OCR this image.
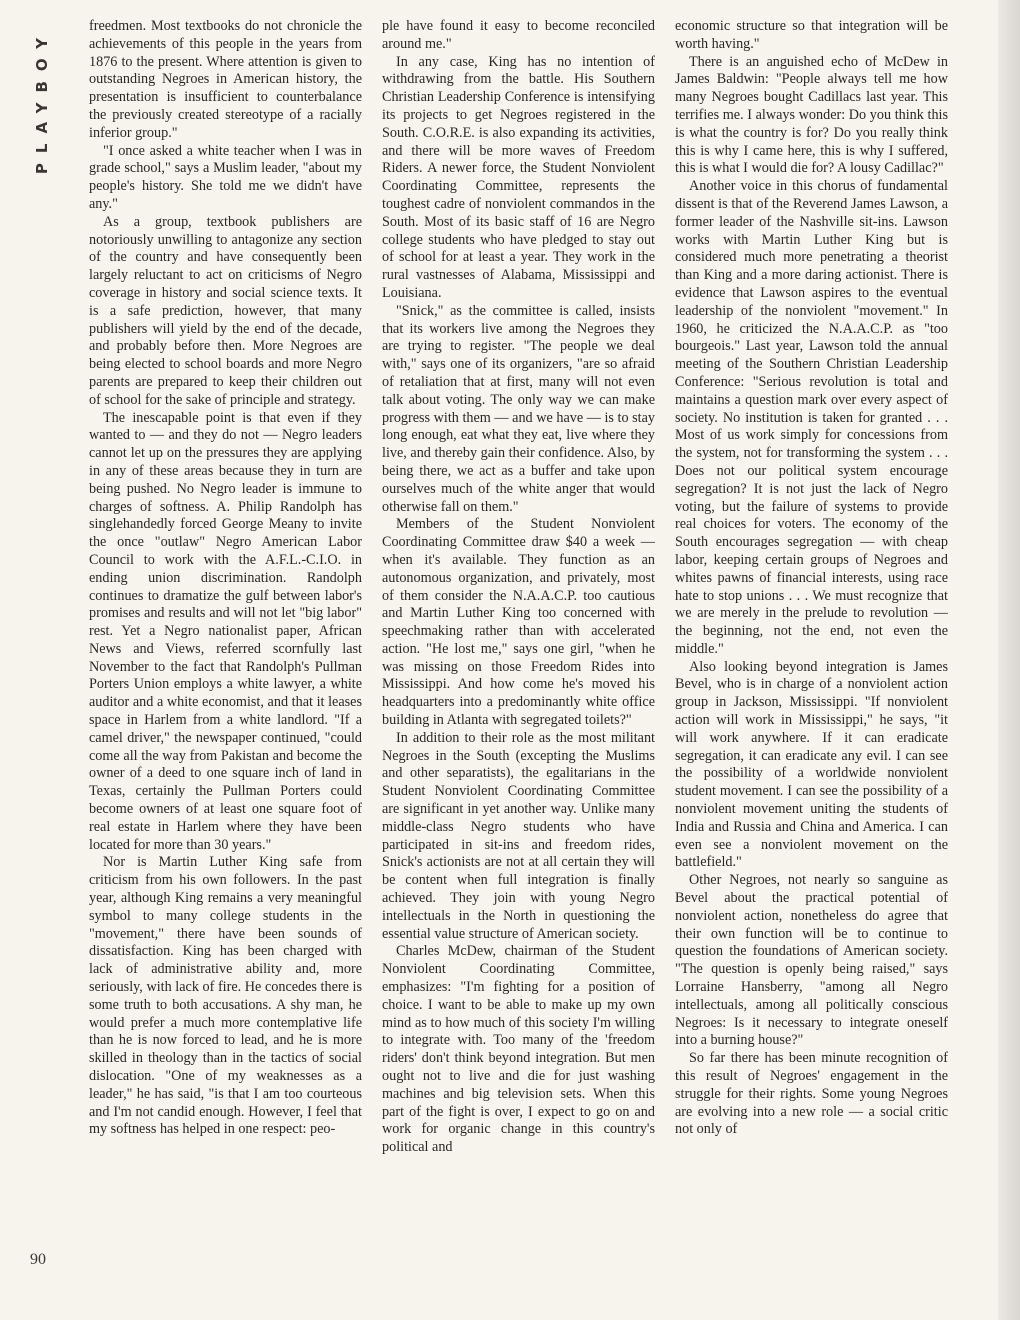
PLAYBOY
90

freedmen. Most textbooks do not chronicle the achievements of this people in the years from 1876 to the present. Where attention is given to outstanding Negroes in American history, the presentation is insufficient to counterbalance the previously created stereotype of a racially inferior group."

"I once asked a white teacher when I was in grade school," says a Muslim leader, "about my people's history. She told me we didn't have any."

As a group, textbook publishers are notoriously unwilling to antagonize any section of the country and have consequently been largely reluctant to act on criticisms of Negro coverage in history and social science texts. It is a safe prediction, however, that many publishers will yield by the end of the decade, and probably before then. More Negroes are being elected to school boards and more Negro parents are prepared to keep their children out of school for the sake of principle and strategy.

The inescapable point is that even if they wanted to — and they do not — Negro leaders cannot let up on the pressures they are applying in any of these areas because they in turn are being pushed. No Negro leader is immune to charges of softness. A. Philip Randolph has singlehandedly forced George Meany to invite the once "outlaw" Negro American Labor Council to work with the A.F.L.-C.I.O. in ending union discrimination. Randolph continues to dramatize the gulf between labor's promises and results and will not let "big labor" rest. Yet a Negro nationalist paper, African News and Views, referred scornfully last November to the fact that Randolph's Pullman Porters Union employs a white lawyer, a white auditor and a white economist, and that it leases space in Harlem from a white landlord. "If a camel driver," the newspaper continued, "could come all the way from Pakistan and become the owner of a deed to one square inch of land in Texas, certainly the Pullman Porters could become owners of at least one square foot of real estate in Harlem where they have been located for more than 30 years."

Nor is Martin Luther King safe from criticism from his own followers. In the past year, although King remains a very meaningful symbol to many college students in the "movement," there have been sounds of dissatisfaction. King has been charged with lack of administrative ability and, more seriously, with lack of fire. He concedes there is some truth to both accusations. A shy man, he would prefer a much more contemplative life than he is now forced to lead, and he is more skilled in theology than in the tactics of social dislocation. "One of my weaknesses as a leader," he has said, "is that I am too courteous and I'm not candid enough. However, I feel that my softness has helped in one respect: peo-

ple have found it easy to become reconciled around me."

In any case, King has no intention of withdrawing from the battle. His Southern Christian Leadership Conference is intensifying its projects to get Negroes registered in the South. C.O.R.E. is also expanding its activities, and there will be more waves of Freedom Riders. A newer force, the Student Nonviolent Coordinating Committee, represents the toughest cadre of nonviolent commandos in the South. Most of its basic staff of 16 are Negro college students who have pledged to stay out of school for at least a year. They work in the rural vastnesses of Alabama, Mississippi and Louisiana.

"Snick," as the committee is called, insists that its workers live among the Negroes they are trying to register. "The people we deal with," says one of its organizers, "are so afraid of retaliation that at first, many will not even talk about voting. The only way we can make progress with them — and we have — is to stay long enough, eat what they eat, live where they live, and thereby gain their confidence. Also, by being there, we act as a buffer and take upon ourselves much of the white anger that would otherwise fall on them."

Members of the Student Nonviolent Coordinating Committee draw $40 a week — when it's available. They function as an autonomous organization, and privately, most of them consider the N.A.A.C.P. too cautious and Martin Luther King too concerned with speechmaking rather than with accelerated action. "He lost me," says one girl, "when he was missing on those Freedom Rides into Mississippi. And how come he's moved his headquarters into a predominantly white office building in Atlanta with segregated toilets?"

In addition to their role as the most militant Negroes in the South (excepting the Muslims and other separatists), the egalitarians in the Student Nonviolent Coordinating Committee are significant in yet another way. Unlike many middle-class Negro students who have participated in sit-ins and freedom rides, Snick's actionists are not at all certain they will be content when full integration is finally achieved. They join with young Negro intellectuals in the North in questioning the essential value structure of American society.

Charles McDew, chairman of the Student Nonviolent Coordinating Committee, emphasizes: "I'm fighting for a position of choice. I want to be able to make up my own mind as to how much of this society I'm willing to integrate with. Too many of the 'freedom riders' don't think beyond integration. But men ought not to live and die for just washing machines and big television sets. When this part of the fight is over, I expect to go on and work for organic change in this country's political and

economic structure so that integration will be worth having."

There is an anguished echo of McDew in James Baldwin: "People always tell me how many Negroes bought Cadillacs last year. This terrifies me. I always wonder: Do you think this is what the country is for? Do you really think this is why I came here, this is why I suffered, this is what I would die for? A lousy Cadillac?"

Another voice in this chorus of fundamental dissent is that of the Reverend James Lawson, a former leader of the Nashville sit-ins. Lawson works with Martin Luther King but is considered much more penetrating a theorist than King and a more daring actionist. There is evidence that Lawson aspires to the eventual leadership of the nonviolent "movement." In 1960, he criticized the N.A.A.C.P. as "too bourgeois." Last year, Lawson told the annual meeting of the Southern Christian Leadership Conference: "Serious revolution is total and maintains a question mark over every aspect of society. No institution is taken for granted . . . Most of us work simply for concessions from the system, not for transforming the system . . . Does not our political system encourage segregation? It is not just the lack of Negro voting, but the failure of systems to provide real choices for voters. The economy of the South encourages segregation — with cheap labor, keeping certain groups of Negroes and whites pawns of financial interests, using race hate to stop unions . . . We must recognize that we are merely in the prelude to revolution — the beginning, not the end, not even the middle."

Also looking beyond integration is James Bevel, who is in charge of a nonviolent action group in Jackson, Mississippi. "If nonviolent action will work in Mississippi," he says, "it will work anywhere. If it can eradicate segregation, it can eradicate any evil. I can see the possibility of a worldwide nonviolent student movement. I can see the possibility of a nonviolent movement uniting the students of India and Russia and China and America. I can even see a nonviolent movement on the battlefield."

Other Negroes, not nearly so sanguine as Bevel about the practical potential of nonviolent action, nonetheless do agree that their own function will be to continue to question the foundations of American society. "The question is openly being raised," says Lorraine Hansberry, "among all Negro intellectuals, among all politically conscious Negroes: Is it necessary to integrate oneself into a burning house?"

So far there has been minute recognition of this result of Negroes' engagement in the struggle for their rights. Some young Negroes are evolving into a new role — a social critic not only of
